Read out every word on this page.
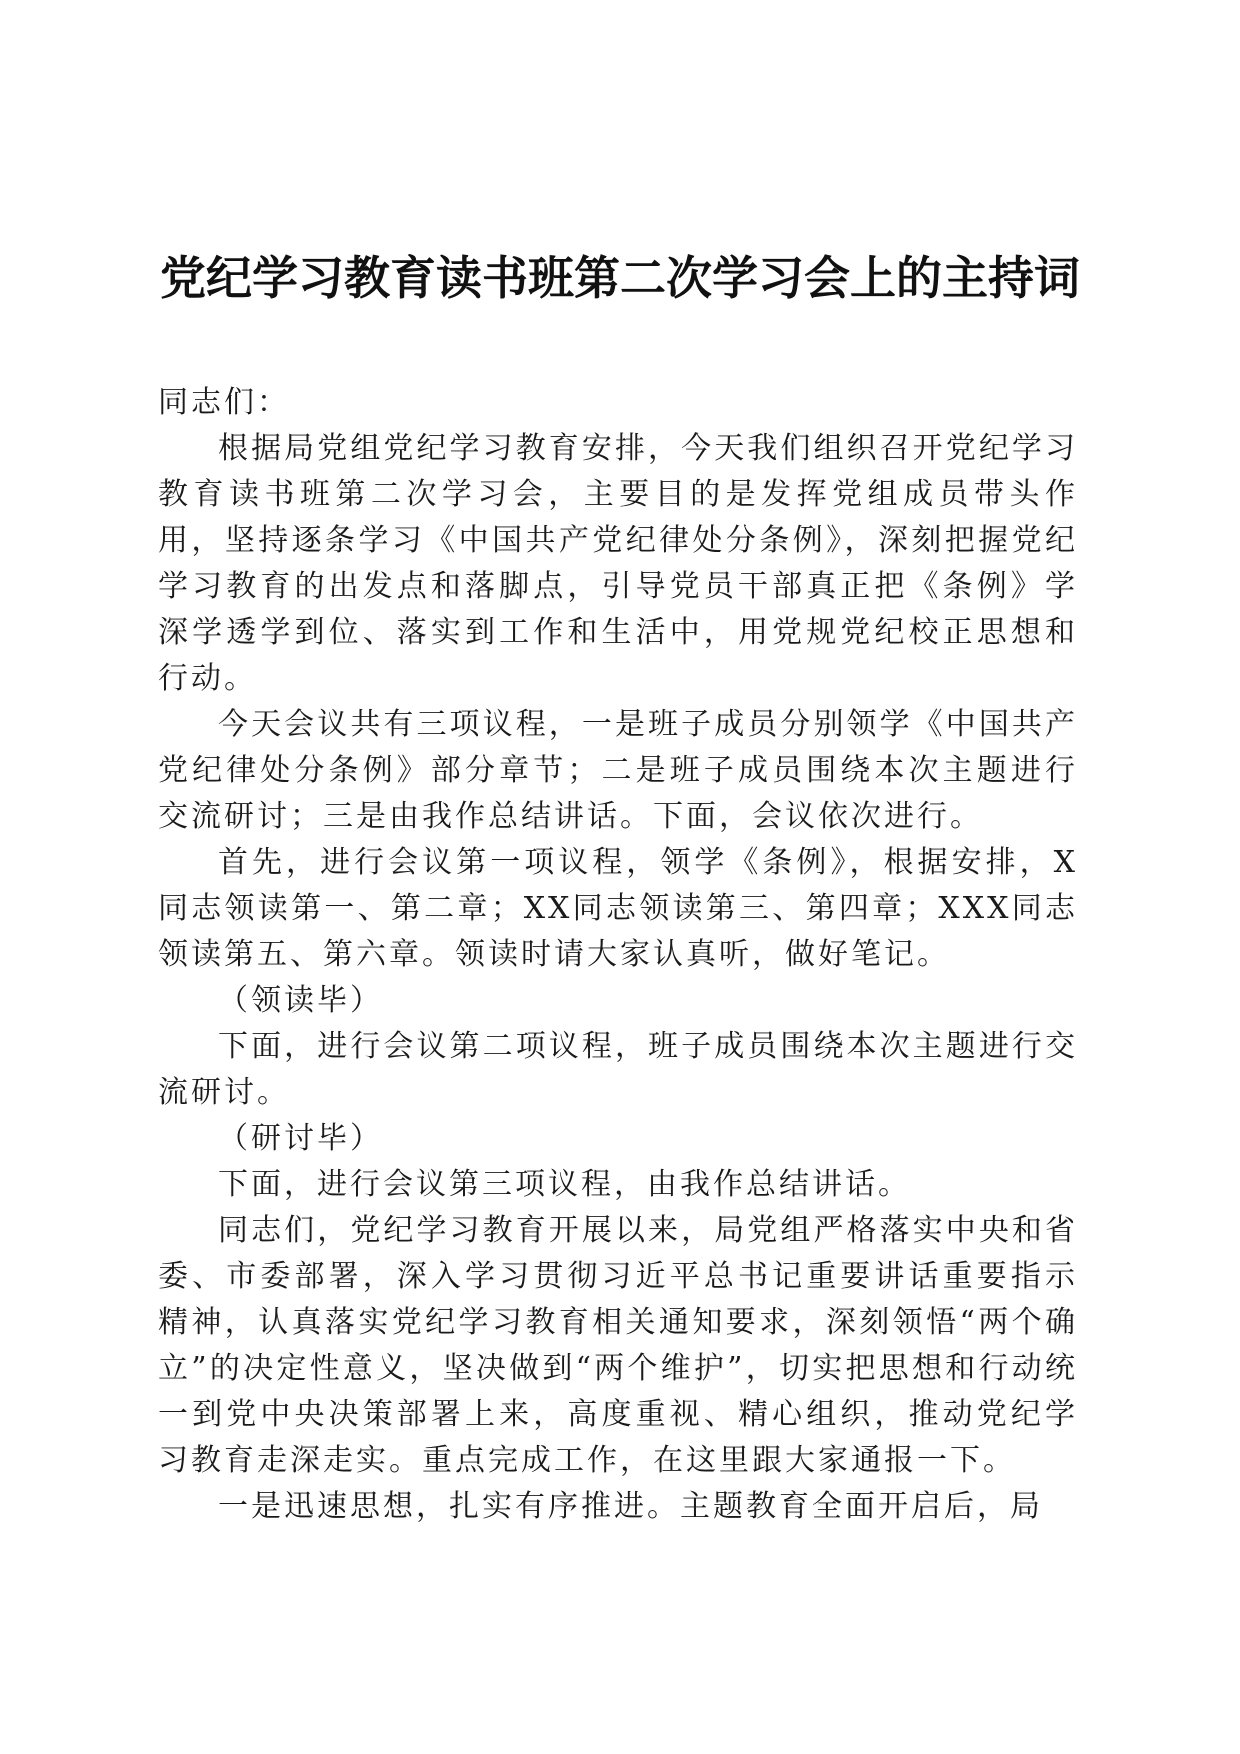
党纪学习教育读书班第二次学习会上的主持词

同志们：

根据局党组党纪学习教育安排，今天我们组织召开党纪学习教育读书班第二次学习会，主要目的是发挥党组成员带头作用，坚持逐条学习《中国共产党纪律处分条例》，深刻把握党纪学习教育的出发点和落脚点，引导党员干部真正把《条例》学深学透学到位、落实到工作和生活中，用党规党纪校正思想和行动。

今天会议共有三项议程，一是班子成员分别领学《中国共产党纪律处分条例》部分章节；二是班子成员围绕本次主题进行交流研讨；三是由我作总结讲话。下面，会议依次进行。

首先，进行会议第一项议程，领学《条例》，根据安排，X同志领读第一、第二章；XX同志领读第三、第四章；XXX同志领读第五、第六章。领读时请大家认真听，做好笔记。

（领读毕）

下面，进行会议第二项议程，班子成员围绕本次主题进行交流研讨。

（研讨毕）

下面，进行会议第三项议程，由我作总结讲话。

同志们，党纪学习教育开展以来，局党组严格落实中央和省委、市委部署，深入学习贯彻习近平总书记重要讲话重要指示精神，认真落实党纪学习教育相关通知要求，深刻领悟“两个确立”的决定性意义，坚决做到“两个维护”，切实把思想和行动统一到党中央决策部署上来，高度重视、精心组织，推动党纪学习教育走深走实。重点完成工作，在这里跟大家通报一下。

一是迅速思想，扎实有序推进。主题教育全面开启后，局
